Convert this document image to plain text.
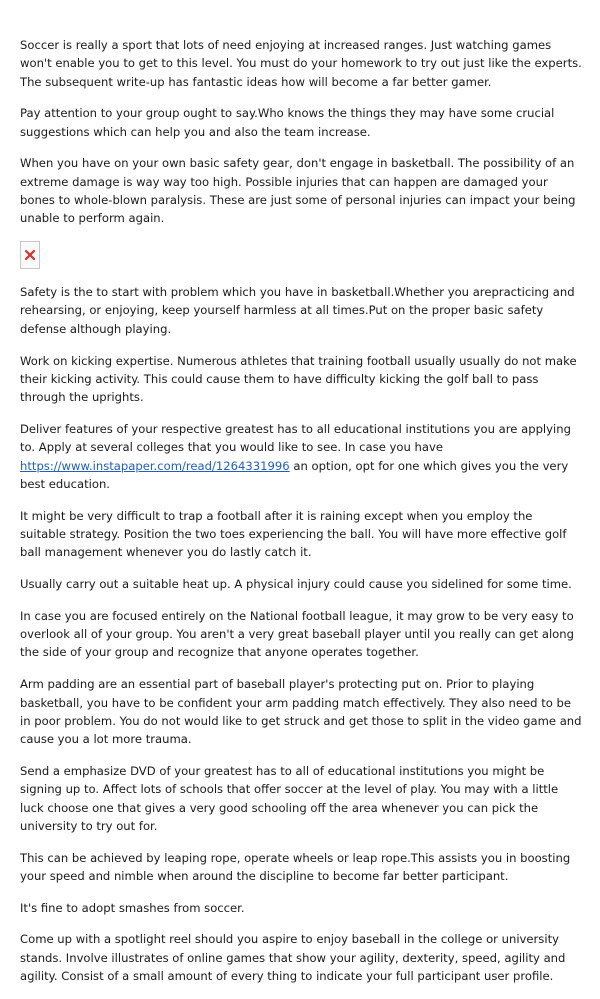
Soccer is really a sport that lots of need enjoying at increased ranges. Just watching games won't enable you to get to this level. You must do your homework to try out just like the experts. The subsequent write-up has fantastic ideas how will become a far better gamer.

Pay attention to your group ought to say.Who knows the things they may have some crucial suggestions which can help you and also the team increase.

When you have on your own basic safety gear, don't engage in basketball. The possibility of an extreme damage is way way too high. Possible injuries that can happen are damaged your bones to whole-blown paralysis. These are just some of personal injuries can impact your being unable to perform again.

Safety is the to start with problem which you have in basketball.Whether you arepracticing and rehearsing, or enjoying, keep yourself harmless at all times.Put on the proper basic safety defense although playing.

Work on kicking expertise. Numerous athletes that training football usually usually do not make their kicking activity. This could cause them to have difficulty kicking the golf ball to pass through the uprights.

Deliver features of your respective greatest has to all educational institutions you are applying to. Apply at several colleges that you would like to see. In case you have https://www.instapaper.com/read/1264331996 an option, opt for one which gives you the very best education.

It might be very difficult to trap a football after it is raining except when you employ the suitable strategy. Position the two toes experiencing the ball. You will have more effective golf ball management whenever you do lastly catch it.

Usually carry out a suitable heat up. A physical injury could cause you sidelined for some time.

In case you are focused entirely on the National football league, it may grow to be very easy to overlook all of your group. You aren't a very great baseball player until you really can get along the side of your group and recognize that anyone operates together.

Arm padding are an essential part of baseball player's protecting put on. Prior to playing basketball, you have to be confident your arm padding match effectively. They also need to be in poor problem. You do not would like to get struck and get those to split in the video game and cause you a lot more trauma.

Send a emphasize DVD of your greatest has to all of educational institutions you might be signing up to. Affect lots of schools that offer soccer at the level of play. You may with a little luck choose one that gives a very good schooling off the area whenever you can pick the university to try out for.

This can be achieved by leaping rope, operate wheels or leap rope.This assists you in boosting your speed and nimble when around the discipline to become far better participant.

It's fine to adopt smashes from soccer.

Come up with a spotlight reel should you aspire to enjoy baseball in the college or university stands. Involve illustrates of online games that show your agility, dexterity, speed, agility and agility. Consist of a small amount of every thing to indicate your full participant user profile.
